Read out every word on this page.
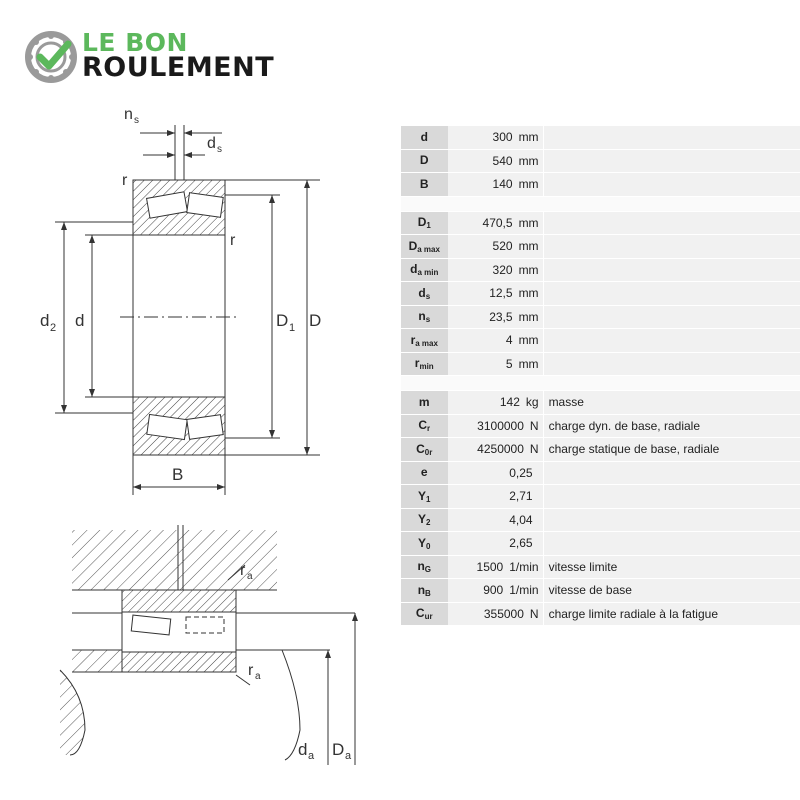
LE BON
ROULEMENT
n s
d s
r
r
d 2 d	D 1 D
B
r a
r a
d a D a
d	300 mm	
D	540 mm	
B	140 mm	

$D_1$	470,5 mm	
$D_{a max}$	520 mm	
$d_{a min}$	320 mm	
$d_s$	12,5 mm	
$n_s$	23,5 mm	
$r_{a max}$	4 mm	
$r_{min}$	5 mm	

m	142 kg	masse
$C_r$	3100000 N	charge dyn. de base, radiale
$C_{0r}$	4250000 N	charge statique de base, radiale
e	0,25	
$Y_1$	2,71	
$Y_2$	4,04	
$Y_0$	2,65	
$n_G$	1500 1/min	vitesse limite
$n_B$	900 1/min	vitesse de base
$C_{ur}$	355000 N	charge limite radiale à la fatigue
